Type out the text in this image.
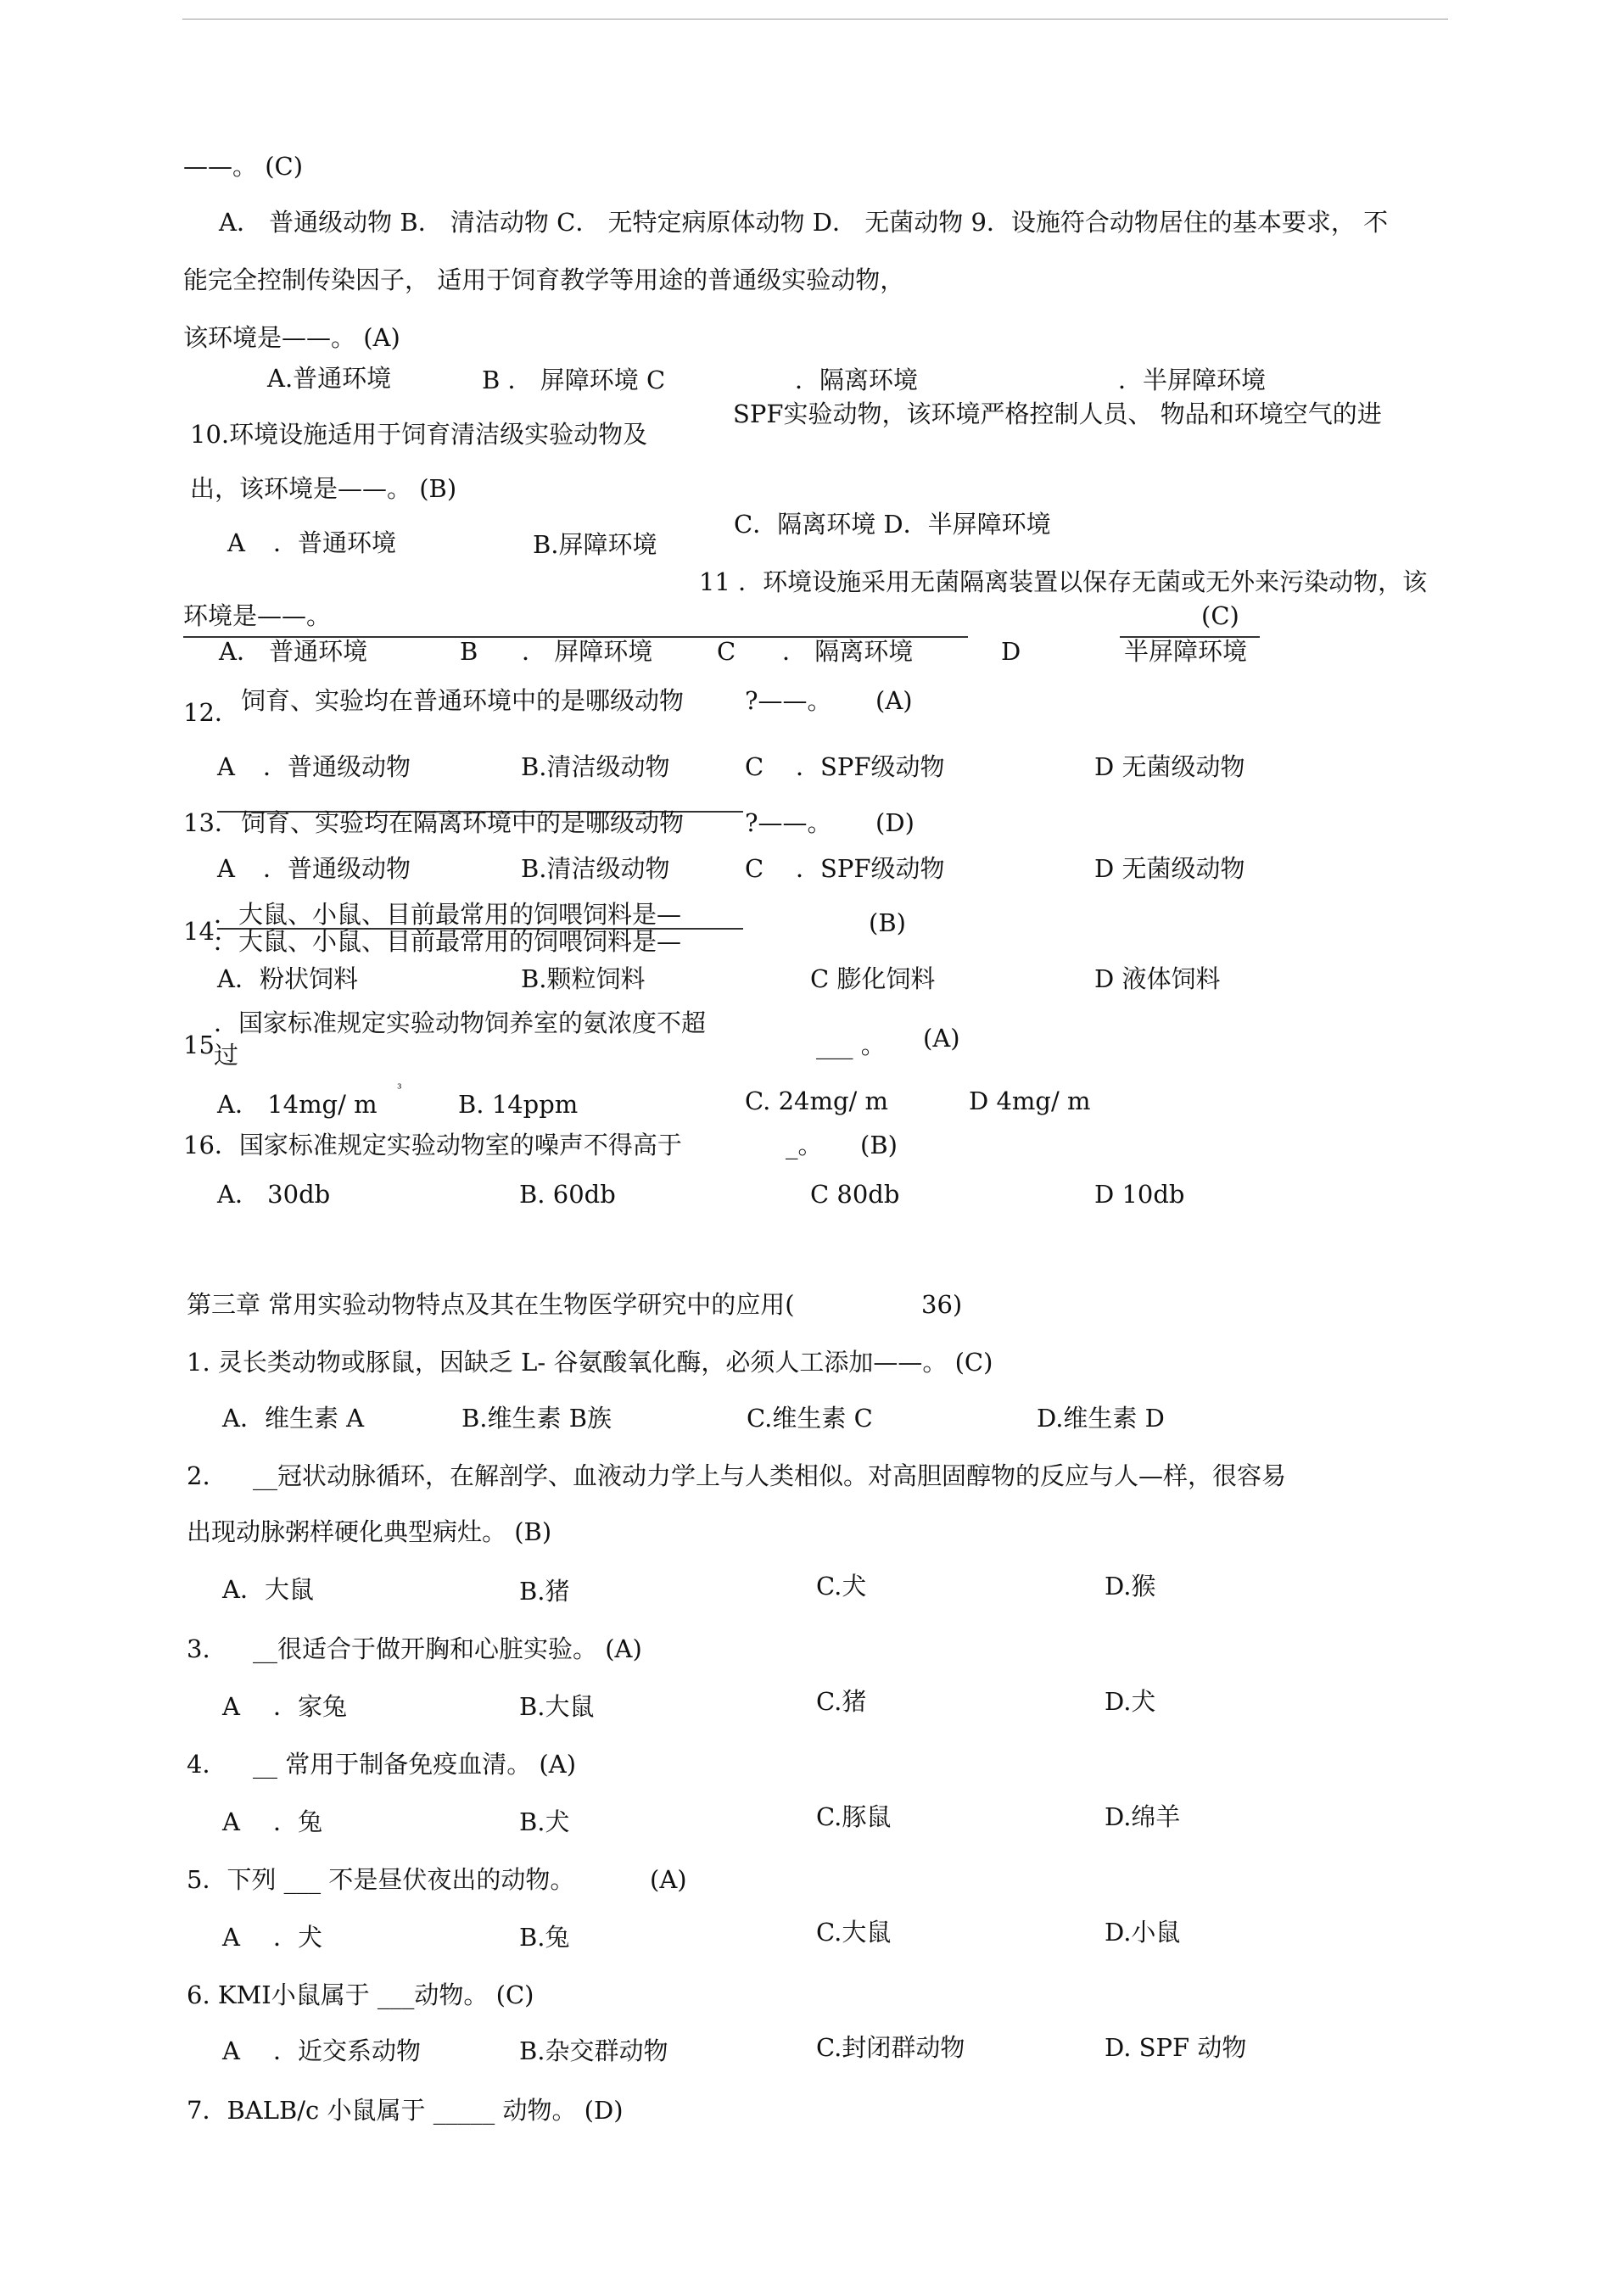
——。 (C)
A． 普通级动物 B． 清洁动物 C． 无特定病原体动物 D． 无菌动物 9．设施符合动物居住的基本要求， 不
能完全控制传染因子， 适用于饲育教学等用途的普通级实验动物，
该环境是——。 (A)
A.普通环境	B ． 屏障环境 C	．隔离环境	．半屏障环境
10.环境设施适用于饲育清洁级实验动物及
SPF实验动物，该环境严格控制人员、 物品和环境空气的进
出，该环境是——。 (B)
A ．普通环境	B.屏障环境
C．隔离环境 D．半屏障环境
11 ．环境设施采用无菌隔离装置以保存无菌或无外来污染动物，该
环境是——。	(C)
A． 普通环境	B ． 屏障环境	C ． 隔离环境	D	半屏障环境
12． 饲育、实验均在普通环境中的是哪级动物 ?——。 (A)
A ．普通级动物	B.清洁级动物	C ．SPF级动物	D 无菌级动物
13． 饲育、实验均在隔离环境中的是哪级动物 ?——。 (D)
A ．普通级动物	B.清洁级动物	C ．SPF级动物	D 无菌级动物
14．
．大鼠、小鼠、目前最常用的饲喂饲料是—
．大鼠、小鼠、目前最常用的饲喂饲料是—
(B)
A．粉状饲料	B.颗粒饲料	C 膨化饲料	D 液体饲料
15
．国家标准规定实验动物饲养室的氨浓度不超
过	___ 。 (A)
A． 14mg/ m
³
B. 14ppm	C. 24mg/ m	D 4mg/ m
16．国家标准规定实验动物室的噪声不得高于	_。 (B)
A． 30db	B. 60db	C 80db	D 10db
第三章 常用实验动物特点及其在生物医学研究中的应用(	36)
1. 灵长类动物或豚鼠，因缺乏 L- 谷氨酸氧化酶，必须人工添加——。 (C)
A．维生素 A	B.维生素 B族	C.维生素 C	D.维生素 D
2. __冠状动脉循环，在解剖学、血液动力学上与人类相似。对高胆固醇物的反应与人—样，很容易
出现动脉粥样硬化典型病灶。 (B)
A．大鼠	B.猪	C.犬	D.猴
3. __很适合于做开胸和心脏实验。 (A)
A ．家兔	B.大鼠	C.猪	D.犬
4． __ 常用于制备免疫血清。 (A)
A ．兔	B.犬	C.豚鼠	D.绵羊
5．下列 ___ 不是昼伏夜出的动物。	(A)
A ．犬	B.兔	C.大鼠	D.小鼠
6. KMI小鼠属于 ___动物。 (C)
A ．近交系动物	B.杂交群动物	C.封闭群动物	D. SPF 动物
7．BALB/c 小鼠属于 _____ 动物。 (D)
